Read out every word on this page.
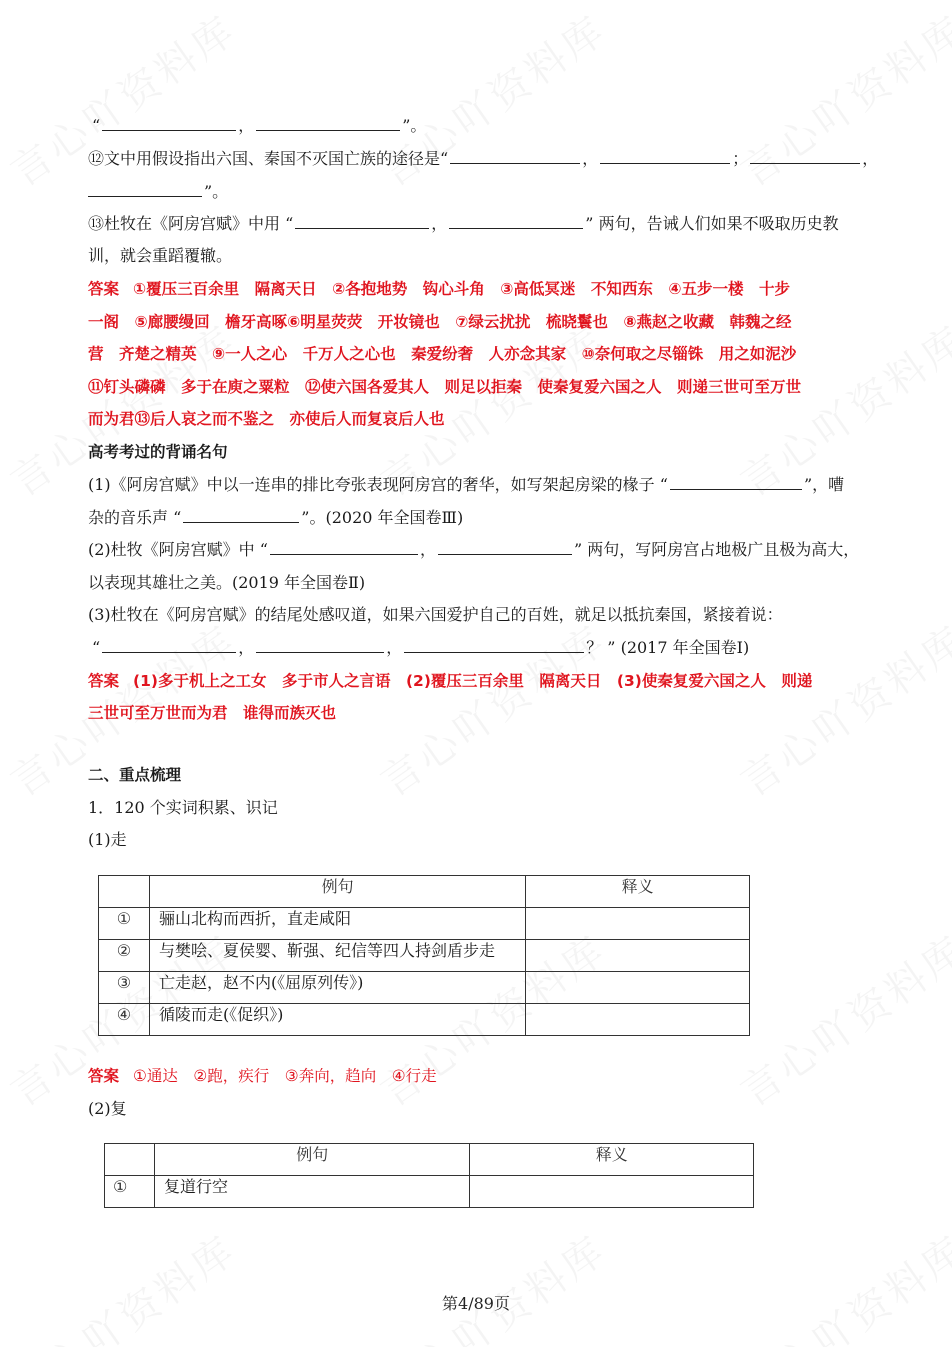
“	，	”。
⑫文中用假设指出六国、秦国不灭国亡族的途径是“	，	；	，
”。
⑬杜牧在《阿房宫赋》中用 “	，	” 两句，告诫人们如果不吸取历史教
训，就会重蹈覆辙。
答案 ①覆压三百余里　隔离天日　②各抱地势　钩心斗角　③高低冥迷　不知西东　④五步一楼　十步
一阁　⑤廊腰缦回　檐牙高啄⑥明星荧荧　开妆镜也　⑦绿云扰扰　梳晓鬟也　⑧燕赵之收藏　韩魏之经
营　齐楚之精英　⑨一人之心　千万人之心也　秦爱纷奢　人亦念其家　⑩奈何取之尽锱铢　用之如泥沙
⑪钉头磷磷　多于在庾之粟粒　⑫使六国各爱其人　则足以拒秦　使秦复爱六国之人　则递三世可至万世
而为君⑬后人哀之而不鉴之　亦使后人而复哀后人也
高考考过的背诵名句
(1)《阿房宫赋》中以一连串的排比夸张表现阿房宫的奢华，如写架起房梁的椽子 “	”，嘈
杂的音乐声 “	”。(2020 年全国卷Ⅲ)
(2)杜牧《阿房宫赋》中 “	，	” 两句，写阿房宫占地极广且极为高大，
以表现其雄壮之美。(2019 年全国卷Ⅱ)
(3)杜牧在《阿房宫赋》的结尾处感叹道，如果六国爱护自己的百姓，就足以抵抗秦国，紧接着说：
“	，	，	？ ” (2017 年全国卷Ⅰ)
答案 (1)多于机上之工女　多于市人之言语　(2)覆压三百余里　隔离天日　(3)使秦复爱六国之人　则递
三世可至万世而为君　谁得而族灭也
二、重点梳理
1．120 个实词积累、识记
(1)走
	例句	释义
①	骊山北构而西折，直走咸阳	
②	与樊哙、夏侯婴、靳强、纪信等四人持剑盾步走	
③	亡走赵，赵不内(《屈原列传》)	
④	循陵而走(《促织》)	
答案 ①通达　②跑，疾行　③奔向，趋向　④行走
(2)复
	例句	释义
①	复道行空	
第4/89页
